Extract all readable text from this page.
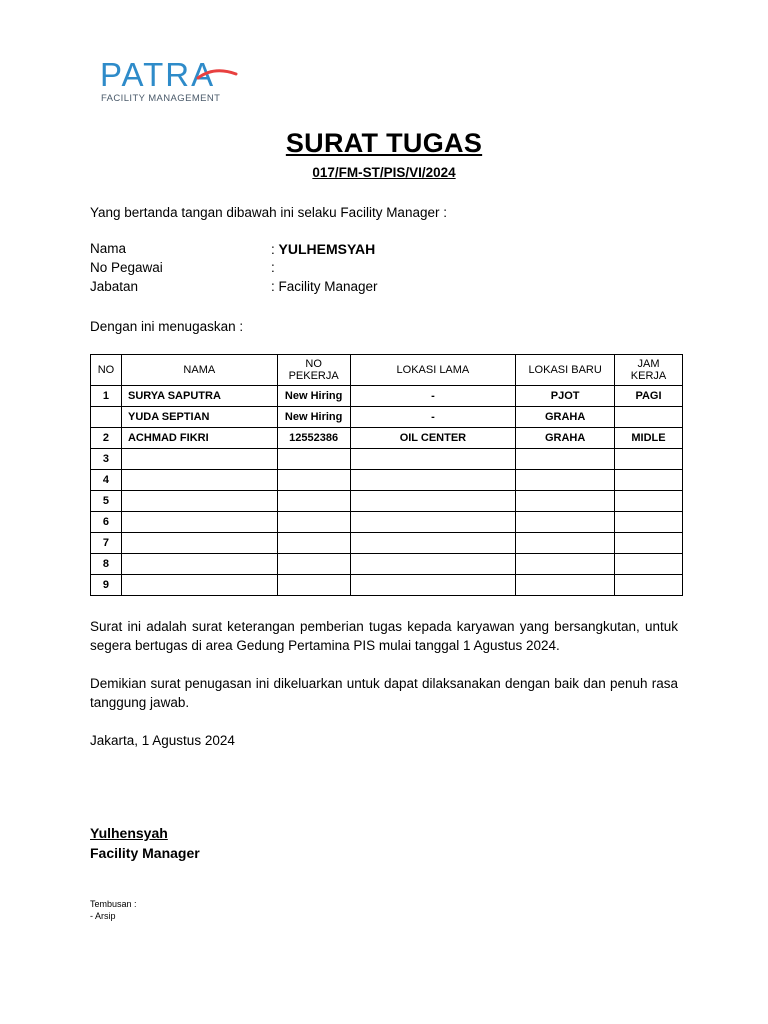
PATRA
FACILITY MANAGEMENT
SURAT TUGAS
017/FM-ST/PIS/VI/2024
Yang bertanda tangan dibawah ini selaku Facility Manager :
Nama	: YULHEMSYAH
No Pegawai	:
Jabatan	: Facility Manager
Dengan ini menugaskan :
NO	NAMA	NO PEKERJA	LOKASI LAMA	LOKASI BARU	JAM KERJA
1	SURYA SAPUTRA	New Hiring	-	PJOT	PAGI
	YUDA SEPTIAN	New Hiring	-	GRAHA	
2	ACHMAD FIKRI	12552386	OIL CENTER	GRAHA	MIDLE
3					
4					
5					
6					
7					
8					
9					
Surat ini adalah surat keterangan pemberian tugas kepada karyawan yang bersangkutan, untuk segera bertugas di area Gedung Pertamina PIS mulai tanggal 1 Agustus 2024.
Demikian surat penugasan ini dikeluarkan untuk dapat dilaksanakan dengan baik dan penuh rasa tanggung jawab.
Jakarta, 1 Agustus 2024
Yulhensyah
Facility Manager
Tembusan :
- Arsip
